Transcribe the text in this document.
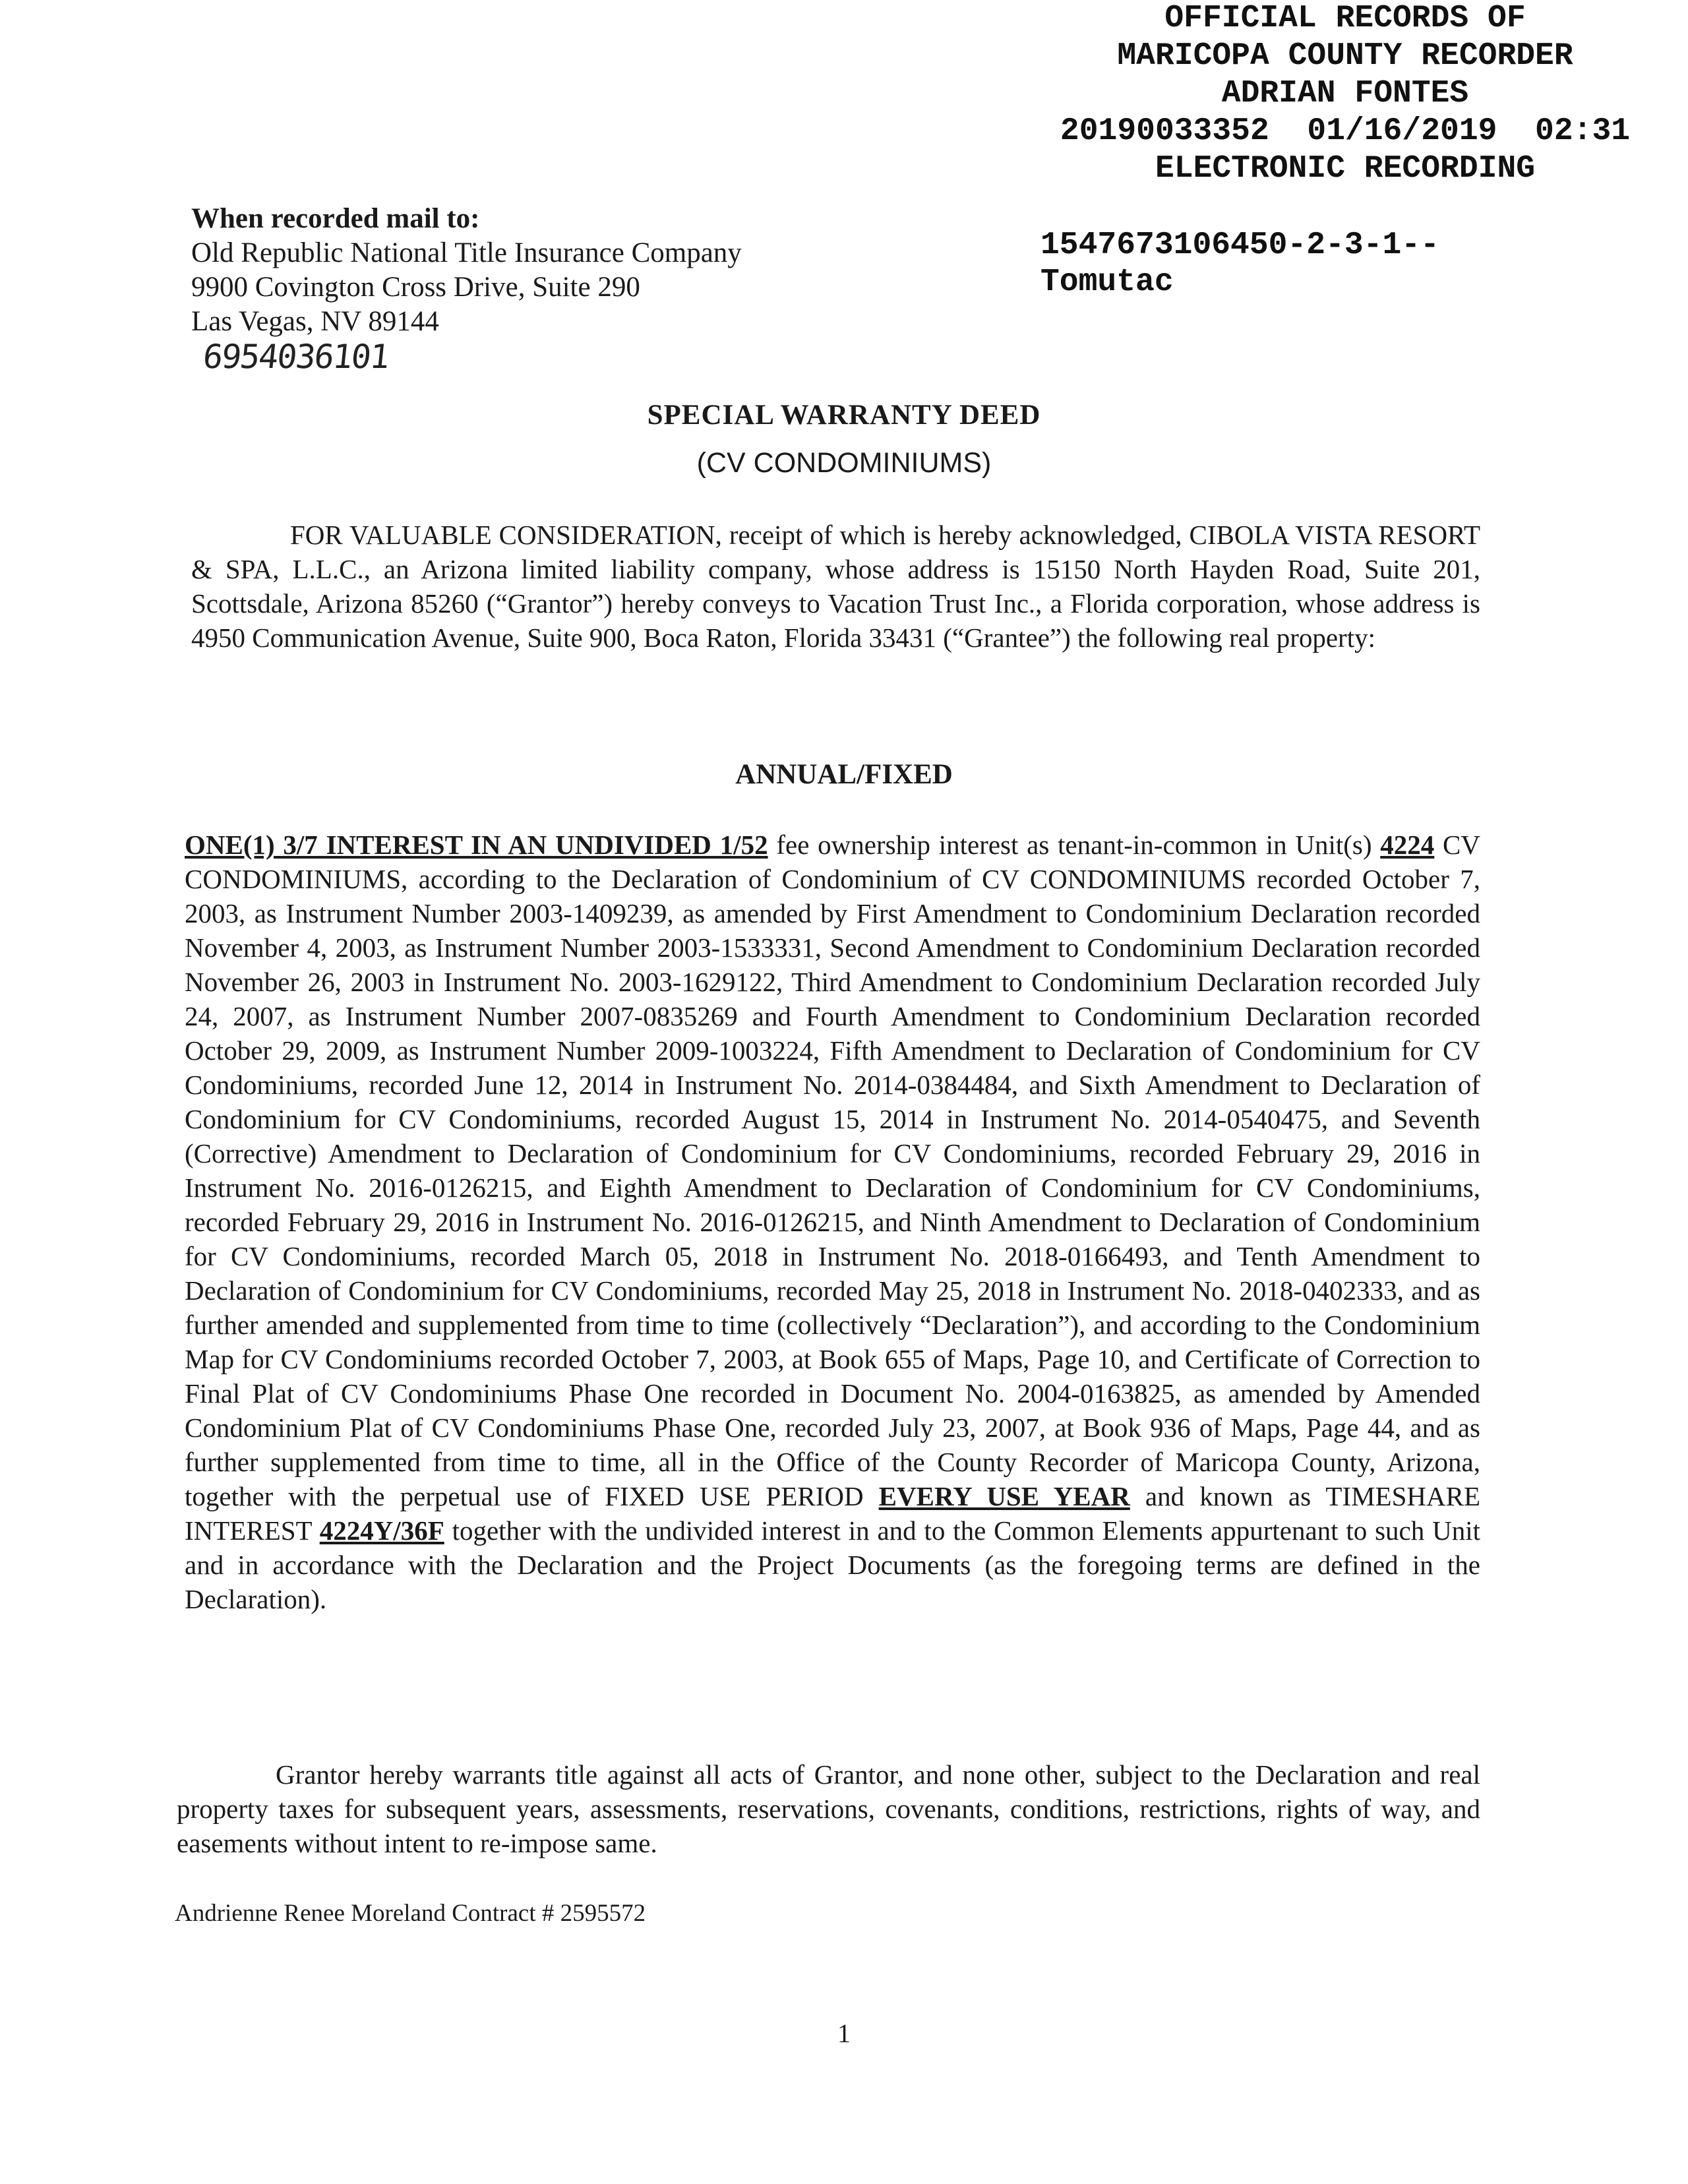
OFFICIAL RECORDS OF
MARICOPA COUNTY RECORDER
ADRIAN FONTES
20190033352 01/16/2019 02:31
ELECTRONIC RECORDING
When recorded mail to:
Old Republic National Title Insurance Company
9900 Covington Cross Drive, Suite 290
Las Vegas, NV 89144
6954036101
1547673106450-2-3-1--
Tomutac
SPECIAL WARRANTY DEED
(CV CONDOMINIUMS)
FOR VALUABLE CONSIDERATION, receipt of which is hereby acknowledged, CIBOLA VISTA RESORT & SPA, L.L.C., an Arizona limited liability company, whose address is 15150 North Hayden Road, Suite 201, Scottsdale, Arizona 85260 (“Grantor”) hereby conveys to Vacation Trust Inc., a Florida corporation, whose address is 4950 Communication Avenue, Suite 900, Boca Raton, Florida 33431 (“Grantee”) the following real property:
ANNUAL/FIXED
ONE(1) 3/7 INTEREST IN AN UNDIVIDED 1/52 fee ownership interest as tenant-in-common in Unit(s) 4224 CV CONDOMINIUMS, according to the Declaration of Condominium of CV CONDOMINIUMS recorded October 7, 2003, as Instrument Number 2003-1409239, as amended by First Amendment to Condominium Declaration recorded November 4, 2003, as Instrument Number 2003-1533331, Second Amendment to Condominium Declaration recorded November 26, 2003 in Instrument No. 2003-1629122, Third Amendment to Condominium Declaration recorded July 24, 2007, as Instrument Number 2007-0835269 and Fourth Amendment to Condominium Declaration recorded October 29, 2009, as Instrument Number 2009-1003224, Fifth Amendment to Declaration of Condominium for CV Condominiums, recorded June 12, 2014 in Instrument No. 2014-0384484, and Sixth Amendment to Declaration of Condominium for CV Condominiums, recorded August 15, 2014 in Instrument No. 2014-0540475, and Seventh (Corrective) Amendment to Declaration of Condominium for CV Condominiums, recorded February 29, 2016 in Instrument No. 2016-0126215, and Eighth Amendment to Declaration of Condominium for CV Condominiums, recorded February 29, 2016 in Instrument No. 2016-0126215, and Ninth Amendment to Declaration of Condominium for CV Condominiums, recorded March 05, 2018 in Instrument No. 2018-0166493, and Tenth Amendment to Declaration of Condominium for CV Condominiums, recorded May 25, 2018 in Instrument No. 2018-0402333, and as further amended and supplemented from time to time (collectively “Declaration”), and according to the Condominium Map for CV Condominiums recorded October 7, 2003, at Book 655 of Maps, Page 10, and Certificate of Correction to Final Plat of CV Condominiums Phase One recorded in Document No. 2004-0163825, as amended by Amended Condominium Plat of CV Condominiums Phase One, recorded July 23, 2007, at Book 936 of Maps, Page 44, and as further supplemented from time to time, all in the Office of the County Recorder of Maricopa County, Arizona, together with the perpetual use of FIXED USE PERIOD EVERY USE YEAR and known as TIMESHARE INTEREST 4224Y/36F together with the undivided interest in and to the Common Elements appurtenant to such Unit and in accordance with the Declaration and the Project Documents (as the foregoing terms are defined in the Declaration).
Grantor hereby warrants title against all acts of Grantor, and none other, subject to the Declaration and real property taxes for subsequent years, assessments, reservations, covenants, conditions, restrictions, rights of way, and easements without intent to re-impose same.
Andrienne Renee Moreland Contract # 2595572
1
